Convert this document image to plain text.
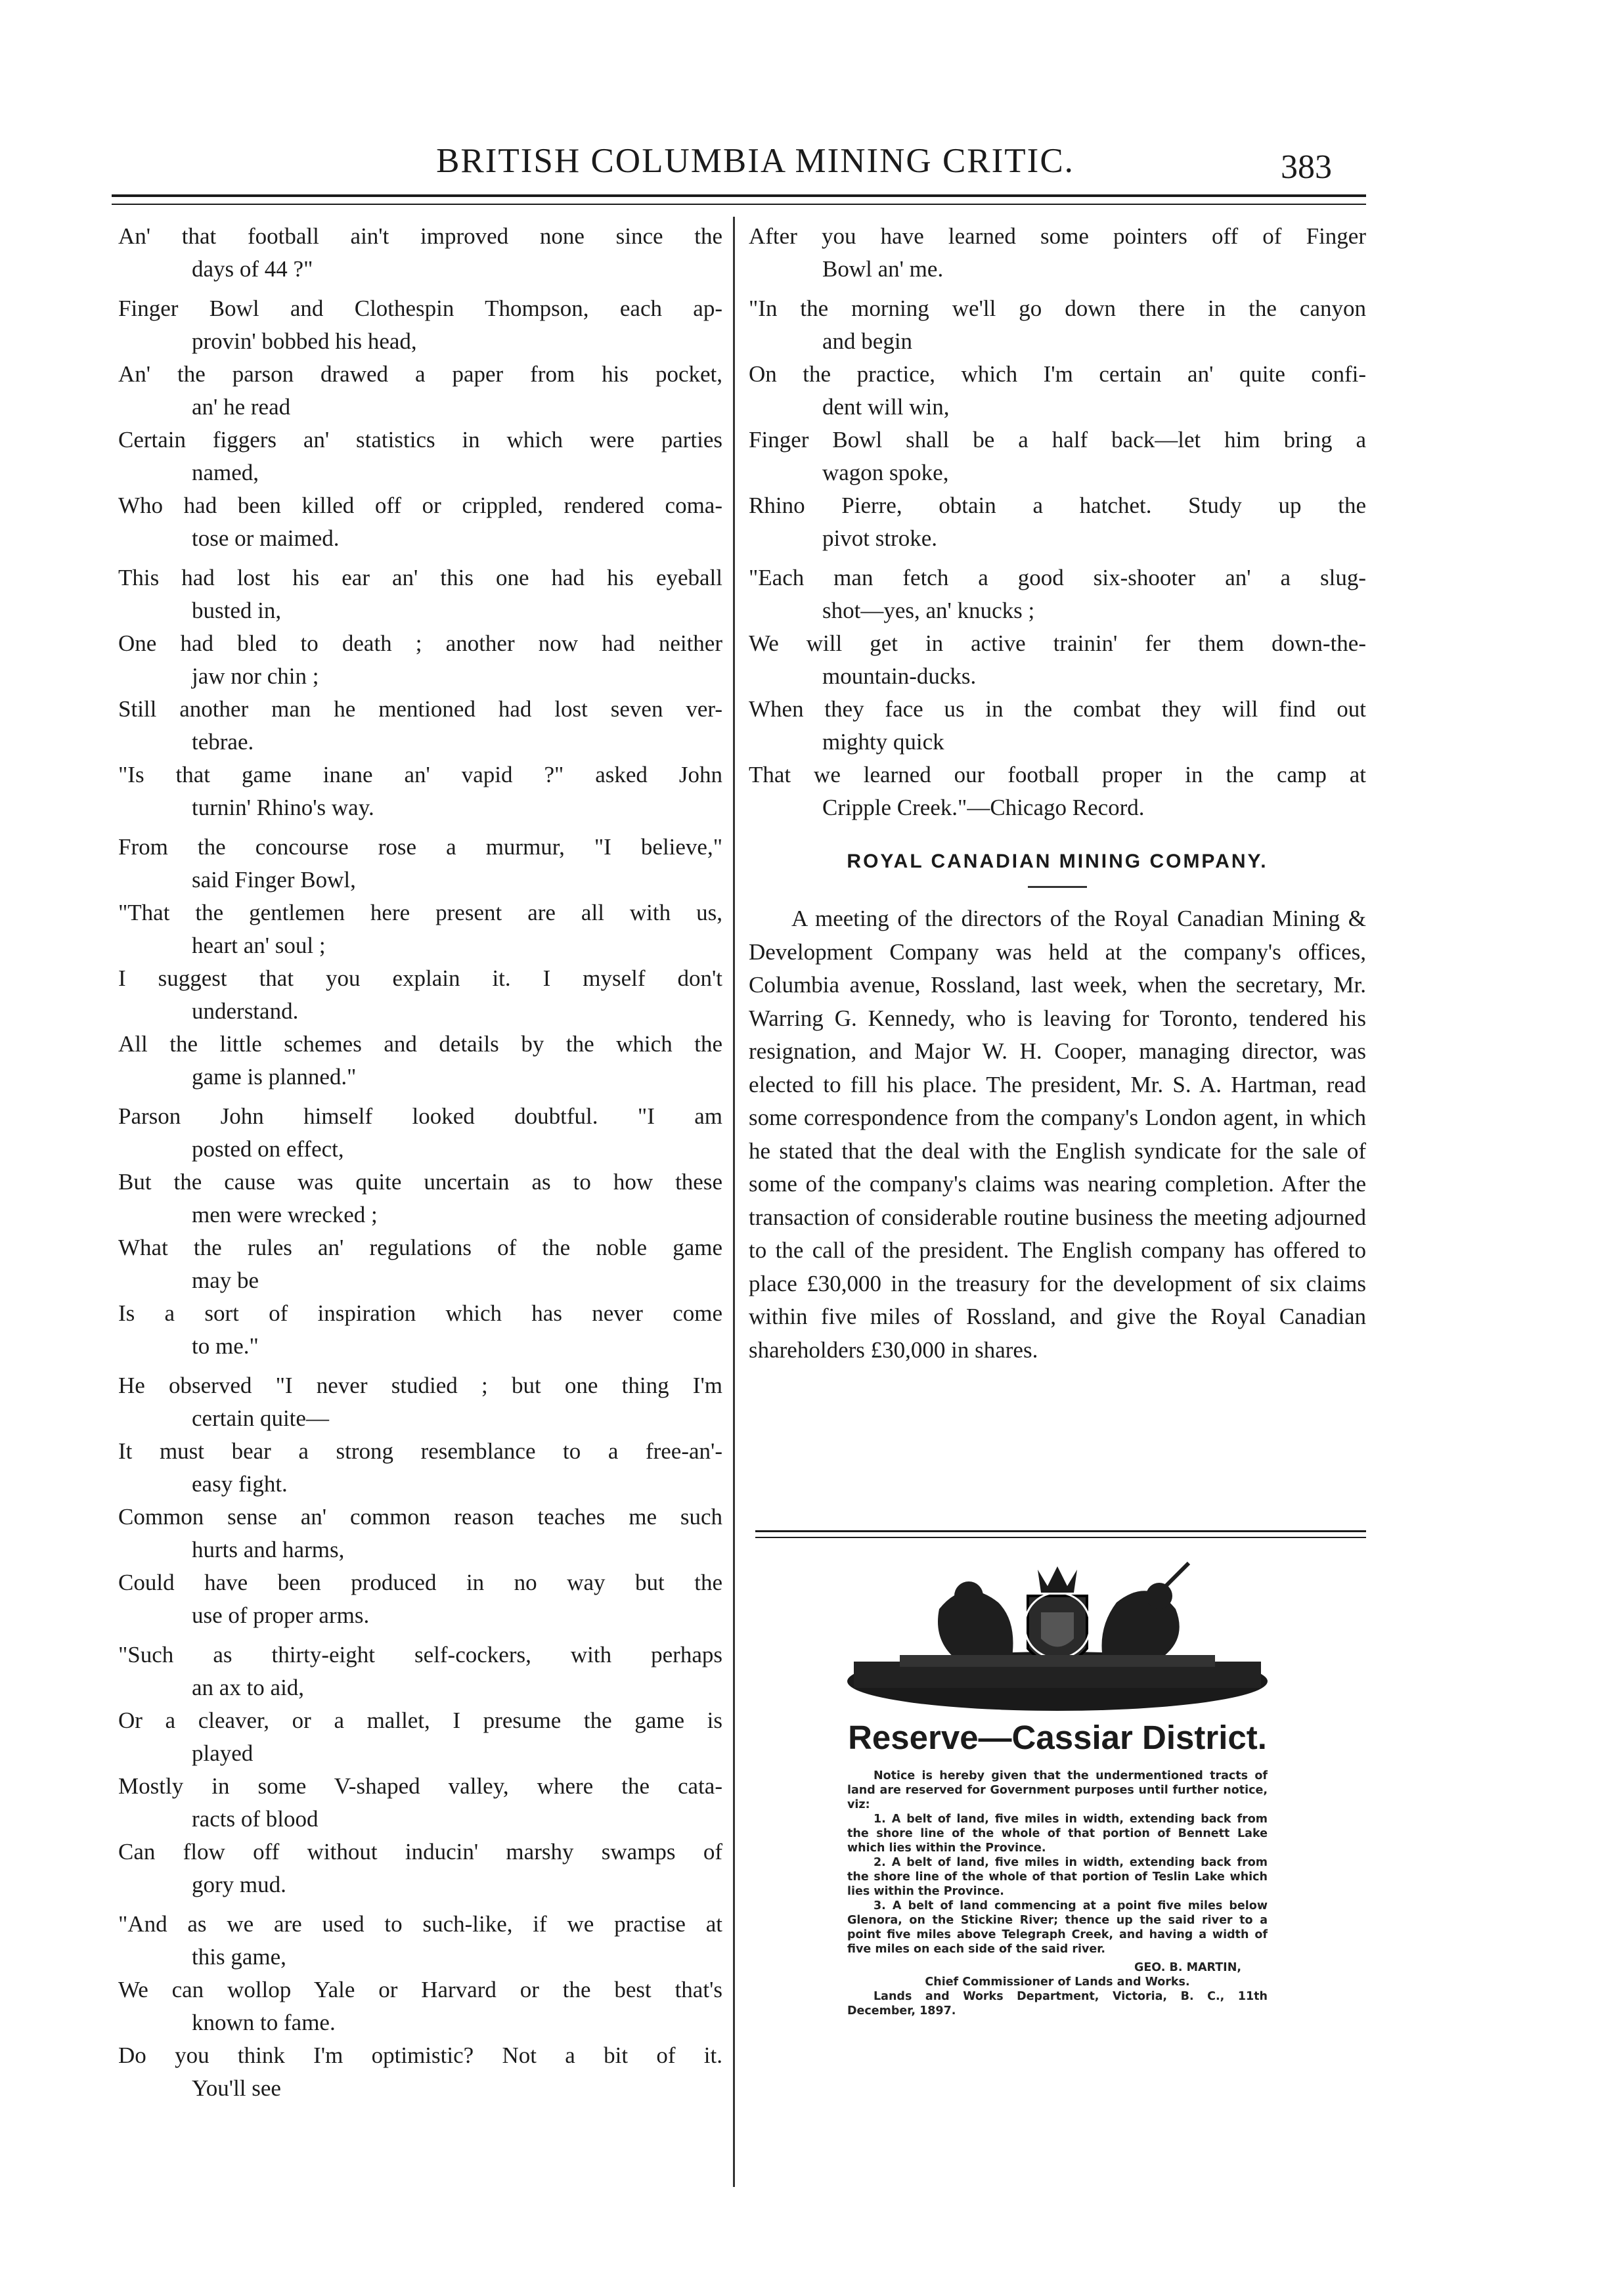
BRITISH COLUMBIA MINING CRITIC.	383
An' that football ain't improved none since the
days of 44 ?"
Finger Bowl and Clothespin Thompson, each ap-
provin' bobbed his head,
An' the parson drawed a paper from his pocket,
an' he read
Certain figgers an' statistics in which were parties
named,
Who had been killed off or crippled, rendered coma-
tose or maimed.
This had lost his ear an' this one had his eyeball
busted in,
One had bled to death ; another now had neither
jaw nor chin ;
Still another man he mentioned had lost seven ver-
tebrae.
"Is that game inane an' vapid ?" asked John
turnin' Rhino's way.
From the concourse rose a murmur, "I believe,"
said Finger Bowl,
"That the gentlemen here present are all with us,
heart an' soul ;
I suggest that you explain it. I myself don't
understand.
All the little schemes and details by the which the
game is planned."
Parson John himself looked doubtful. "I am
posted on effect,
But the cause was quite uncertain as to how these
men were wrecked ;
What the rules an' regulations of the noble game
may be
Is a sort of inspiration which has never come
to me."
He observed "I never studied ; but one thing I'm
certain quite—
It must bear a strong resemblance to a free-an'-
easy fight.
Common sense an' common reason teaches me such
hurts and harms,
Could have been produced in no way but the
use of proper arms.
"Such as thirty-eight self-cockers, with perhaps
an ax to aid,
Or a cleaver, or a mallet, I presume the game is
played
Mostly in some V-shaped valley, where the cata-
racts of blood
Can flow off without inducin' marshy swamps of
gory mud.
"And as we are used to such-like, if we practise at
this game,
We can wollop Yale or Harvard or the best that's
known to fame.
Do you think I'm optimistic? Not a bit of it.
You'll see
After you have learned some pointers off of Finger
Bowl an' me.
"In the morning we'll go down there in the canyon
and begin
On the practice, which I'm certain an' quite confi-
dent will win,
Finger Bowl shall be a half back—let him bring a
wagon spoke,
Rhino Pierre, obtain a hatchet. Study up the
pivot stroke.
"Each man fetch a good six-shooter an' a slug-
shot—yes, an' knucks ;
We will get in active trainin' fer them down-the-
mountain-ducks.
When they face us in the combat they will find out
mighty quick
That we learned our football proper in the camp at
Cripple Creek."—Chicago Record.
ROYAL CANADIAN MINING COMPANY.
A meeting of the directors of the Royal Canadian Mining & Development Company was held at the company's offices, Columbia avenue, Rossland, last week, when the secretary, Mr. Warring G. Kennedy, who is leaving for Toronto, tendered his resignation, and Major W. H. Cooper, managing director, was elected to fill his place. The president, Mr. S. A. Hartman, read some correspondence from the company's London agent, in which he stated that the deal with the English syndicate for the sale of some of the company's claims was nearing completion. After the transaction of considerable routine business the meeting adjourned to the call of the president. The English company has offered to place £30,000 in the treasury for the development of six claims within five miles of Rossland, and give the Royal Canadian shareholders £30,000 in shares.
Reserve—Cassiar District.

Notice is hereby given that the undermentioned tracts of land are reserved for Government purposes until further notice, viz:

1. A belt of land, five miles in width, extending back from the shore line of the whole of that portion of Bennett Lake which lies within the Province.

2. A belt of land, five miles in width, extending back from the shore line of the whole of that portion of Teslin Lake which lies within the Province.

3. A belt of land commencing at a point five miles below Glenora, on the Stickine River; thence up the said river to a point five miles above Telegraph Creek, and having a width of five miles on each side of the said river.

GEO. B. MARTIN,
Chief Commissioner of Lands and Works.
Lands and Works Department, Victoria, B. C., 11th December, 1897.
